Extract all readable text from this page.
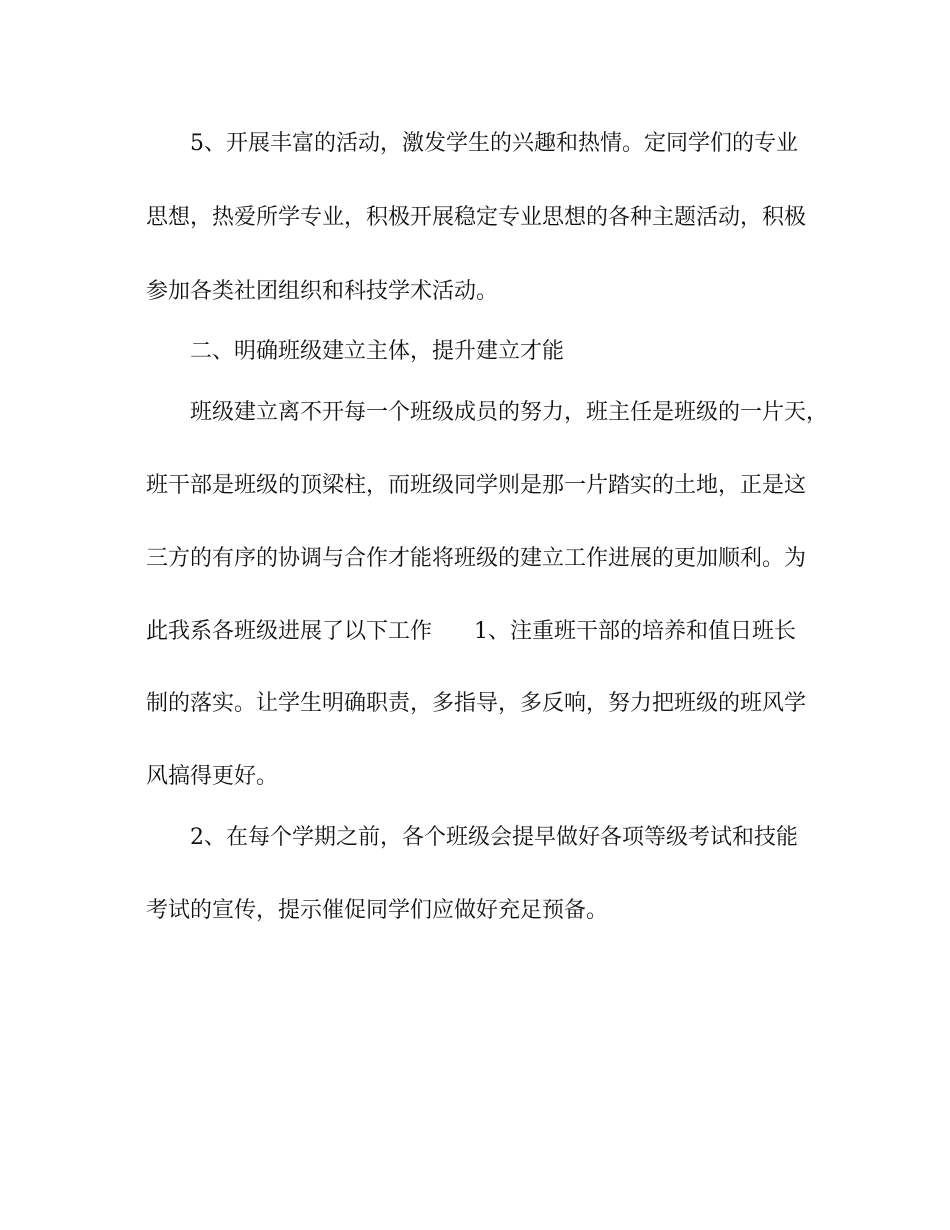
5、开展丰富的活动，激发学生的兴趣和热情。定同学们的专业

思想，热爱所学专业，积极开展稳定专业思想的各种主题活动，积极

参加各类社团组织和科技学术活动。

二、明确班级建立主体，提升建立才能

班级建立离不开每一个班级成员的努力，班主任是班级的一片天，

班干部是班级的顶梁柱，而班级同学则是那一片踏实的土地，正是这

三方的有序的协调与合作才能将班级的建立工作进展的更加顺利。为

此我系各班级进展了以下工作      1、注重班干部的培养和值日班长

制的落实。让学生明确职责，多指导，多反响，努力把班级的班风学

风搞得更好。

2、在每个学期之前，各个班级会提早做好各项等级考试和技能

考试的宣传，提示催促同学们应做好充足预备。
